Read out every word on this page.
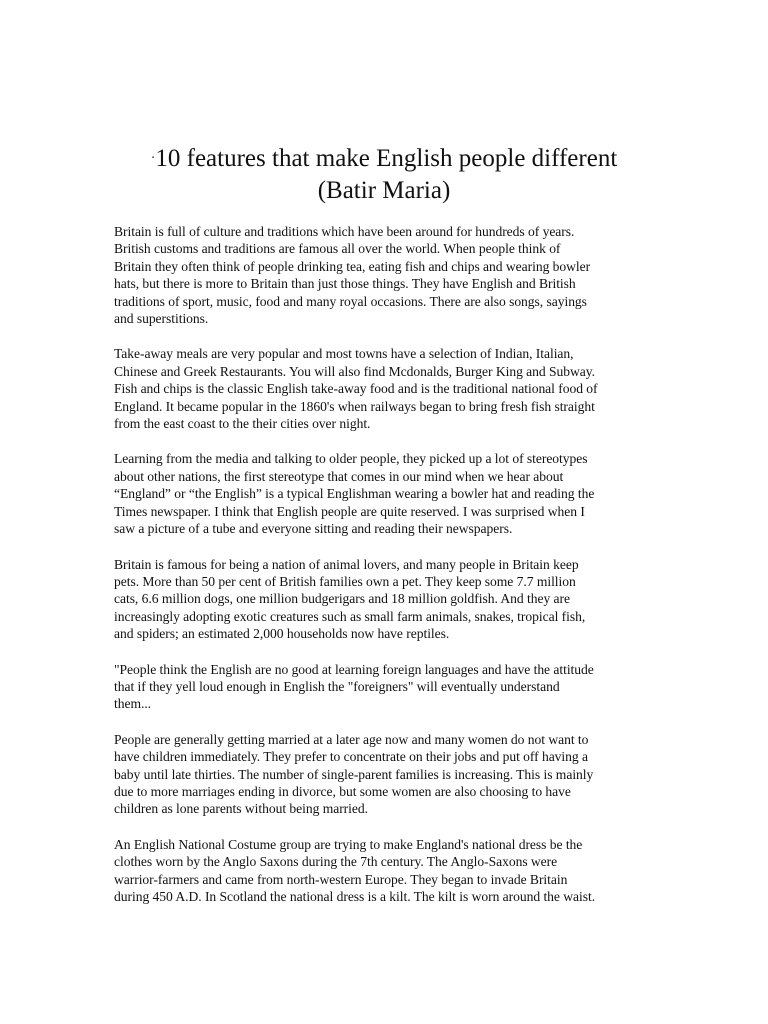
·10 features that make English people different
(Batir Maria)

Britain is full of culture and traditions which have been around for hundreds of years.
British customs and traditions are famous all over the world. When people think of
Britain they often think of people drinking tea, eating fish and chips and wearing bowler
hats, but there is more to Britain than just those things. They have English and British
traditions of sport, music, food and many royal occasions. There are also songs, sayings
and superstitions.

Take-away meals are very popular and most towns have a selection of Indian, Italian,
Chinese and Greek Restaurants. You will also find Mcdonalds, Burger King and Subway.
Fish and chips is the classic English take-away food and is the traditional national food of
England. It became popular in the 1860's when railways began to bring fresh fish straight
from the east coast to the their cities over night.

Learning from the media and talking to older people, they picked up a lot of stereotypes
about other nations, the first stereotype that comes in our mind when we hear about
“England” or “the English” is a typical Englishman wearing a bowler hat and reading the
Times newspaper. I think that English people are quite reserved. I was surprised when I
saw a picture of a tube and everyone sitting and reading their newspapers.

Britain is famous for being a nation of animal lovers, and many people in Britain keep
pets. More than 50 per cent of British families own a pet. They keep some 7.7 million
cats, 6.6 million dogs, one million budgerigars and 18 million goldfish. And they are
increasingly adopting exotic creatures such as small farm animals, snakes, tropical fish,
and spiders; an estimated 2,000 households now have reptiles.

"People think the English are no good at learning foreign languages and have the attitude
that if they yell loud enough in English the "foreigners" will eventually understand
them...

People are generally getting married at a later age now and many women do not want to
have children immediately. They prefer to concentrate on their jobs and put off having a
baby until late thirties. The number of single-parent families is increasing. This is mainly
due to more marriages ending in divorce, but some women are also choosing to have
children as lone parents without being married.

An English National Costume group are trying to make England's national dress be the
clothes worn by the Anglo Saxons during the 7th century. The Anglo-Saxons were
warrior-farmers and came from north-western Europe. They began to invade Britain
during 450 A.D. In Scotland the national dress is a kilt. The kilt is worn around the waist.
